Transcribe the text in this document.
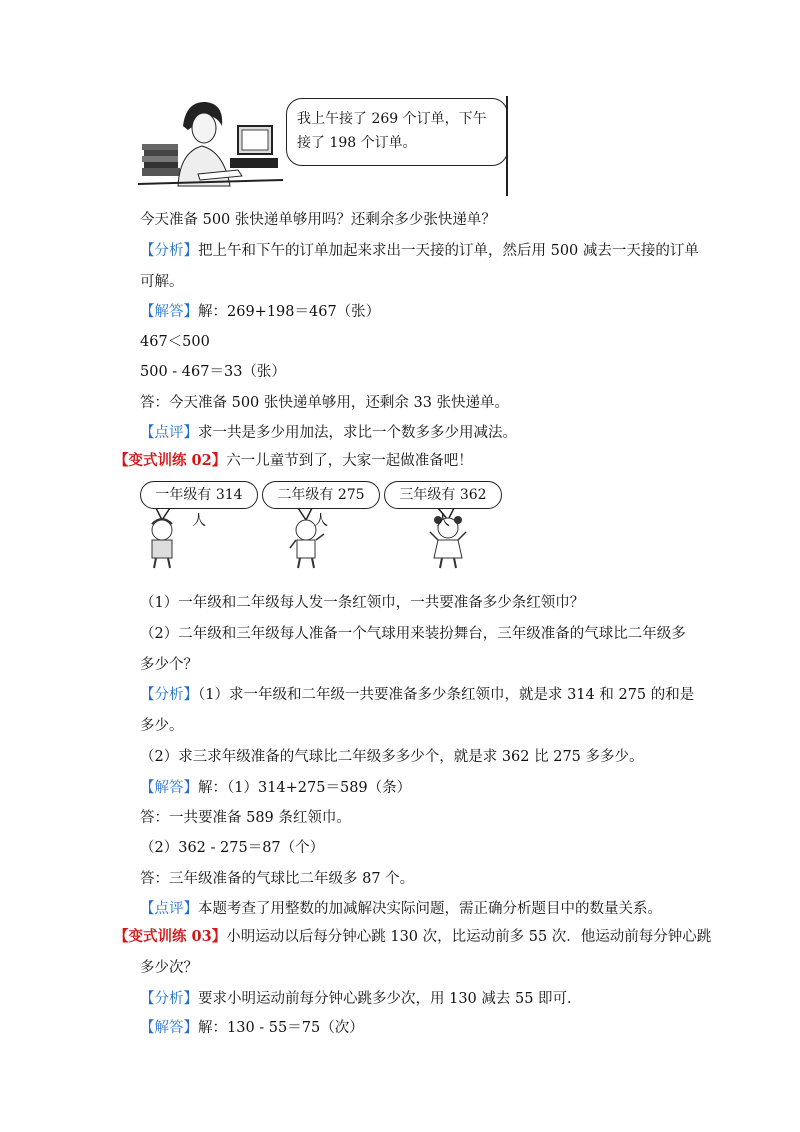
我上午接了 269 个订单，下午
接了 198 个订单。
今天准备 500 张快递单够用吗？还剩余多少张快递单？
【分析】把上午和下午的订单加起来求出一天接的订单，然后用 500 减去一天接的订单
可解。
【解答】解：269+198＝467（张）
467＜500
500 - 467＝33（张）
答：今天准备 500 张快递单够用，还剩余 33 张快递单。
【点评】求一共是多少用加法，求比一个数多多少用减法。
【变式训练 02】六一儿童节到了，大家一起做准备吧！
一年级有 314 人
二年级有 275 人
三年级有 362 人
（1）一年级和二年级每人发一条红领巾，一共要准备多少条红领巾？
（2）二年级和三年级每人准备一个气球用来装扮舞台，三年级准备的气球比二年级多
多少个？
【分析】（1）求一年级和二年级一共要准备多少条红领巾，就是求 314 和 275 的和是
多少。
（2）求三求年级准备的气球比二年级多多少个，就是求 362 比 275 多多少。
【解答】解：（1）314+275＝589（条）
答：一共要准备 589 条红领巾。
（2）362 - 275＝87（个）
答：三年级准备的气球比二年级多 87 个。
【点评】本题考查了用整数的加减解决实际问题，需正确分析题目中的数量关系。
【变式训练 03】小明运动以后每分钟心跳 130 次，比运动前多 55 次．他运动前每分钟心跳
多少次？
【分析】要求小明运动前每分钟心跳多少次，用 130 减去 55 即可．
【解答】解：130 - 55＝75（次）
